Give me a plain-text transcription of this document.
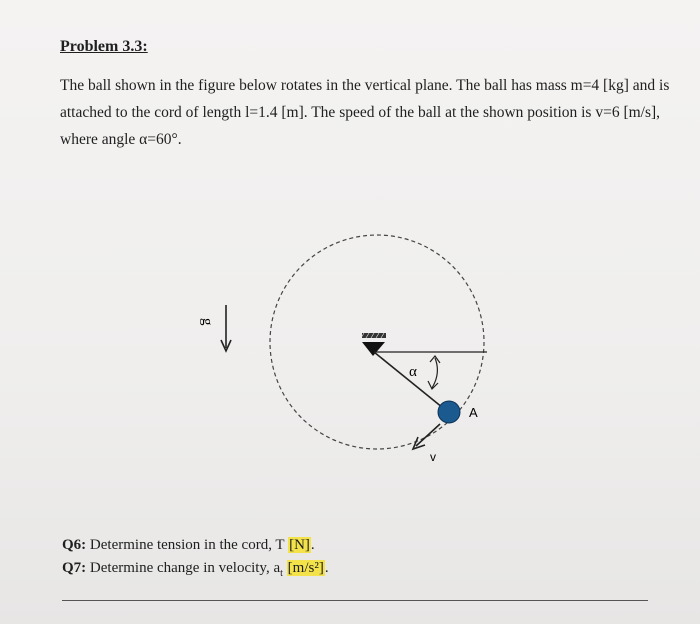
Problem 3.3:
The ball shown in the figure below rotates in the vertical plane. The ball has mass m=4 [kg] and is
attached to the cord of length l=1.4 [m]. The speed of the ball at the shown position is v=6 [m/s],
where angle α=60°.
g
α
A
v
Q6: Determine tension in the cord, T [N].
Q7: Determine change in velocity, $a_t$ [m/s²].
